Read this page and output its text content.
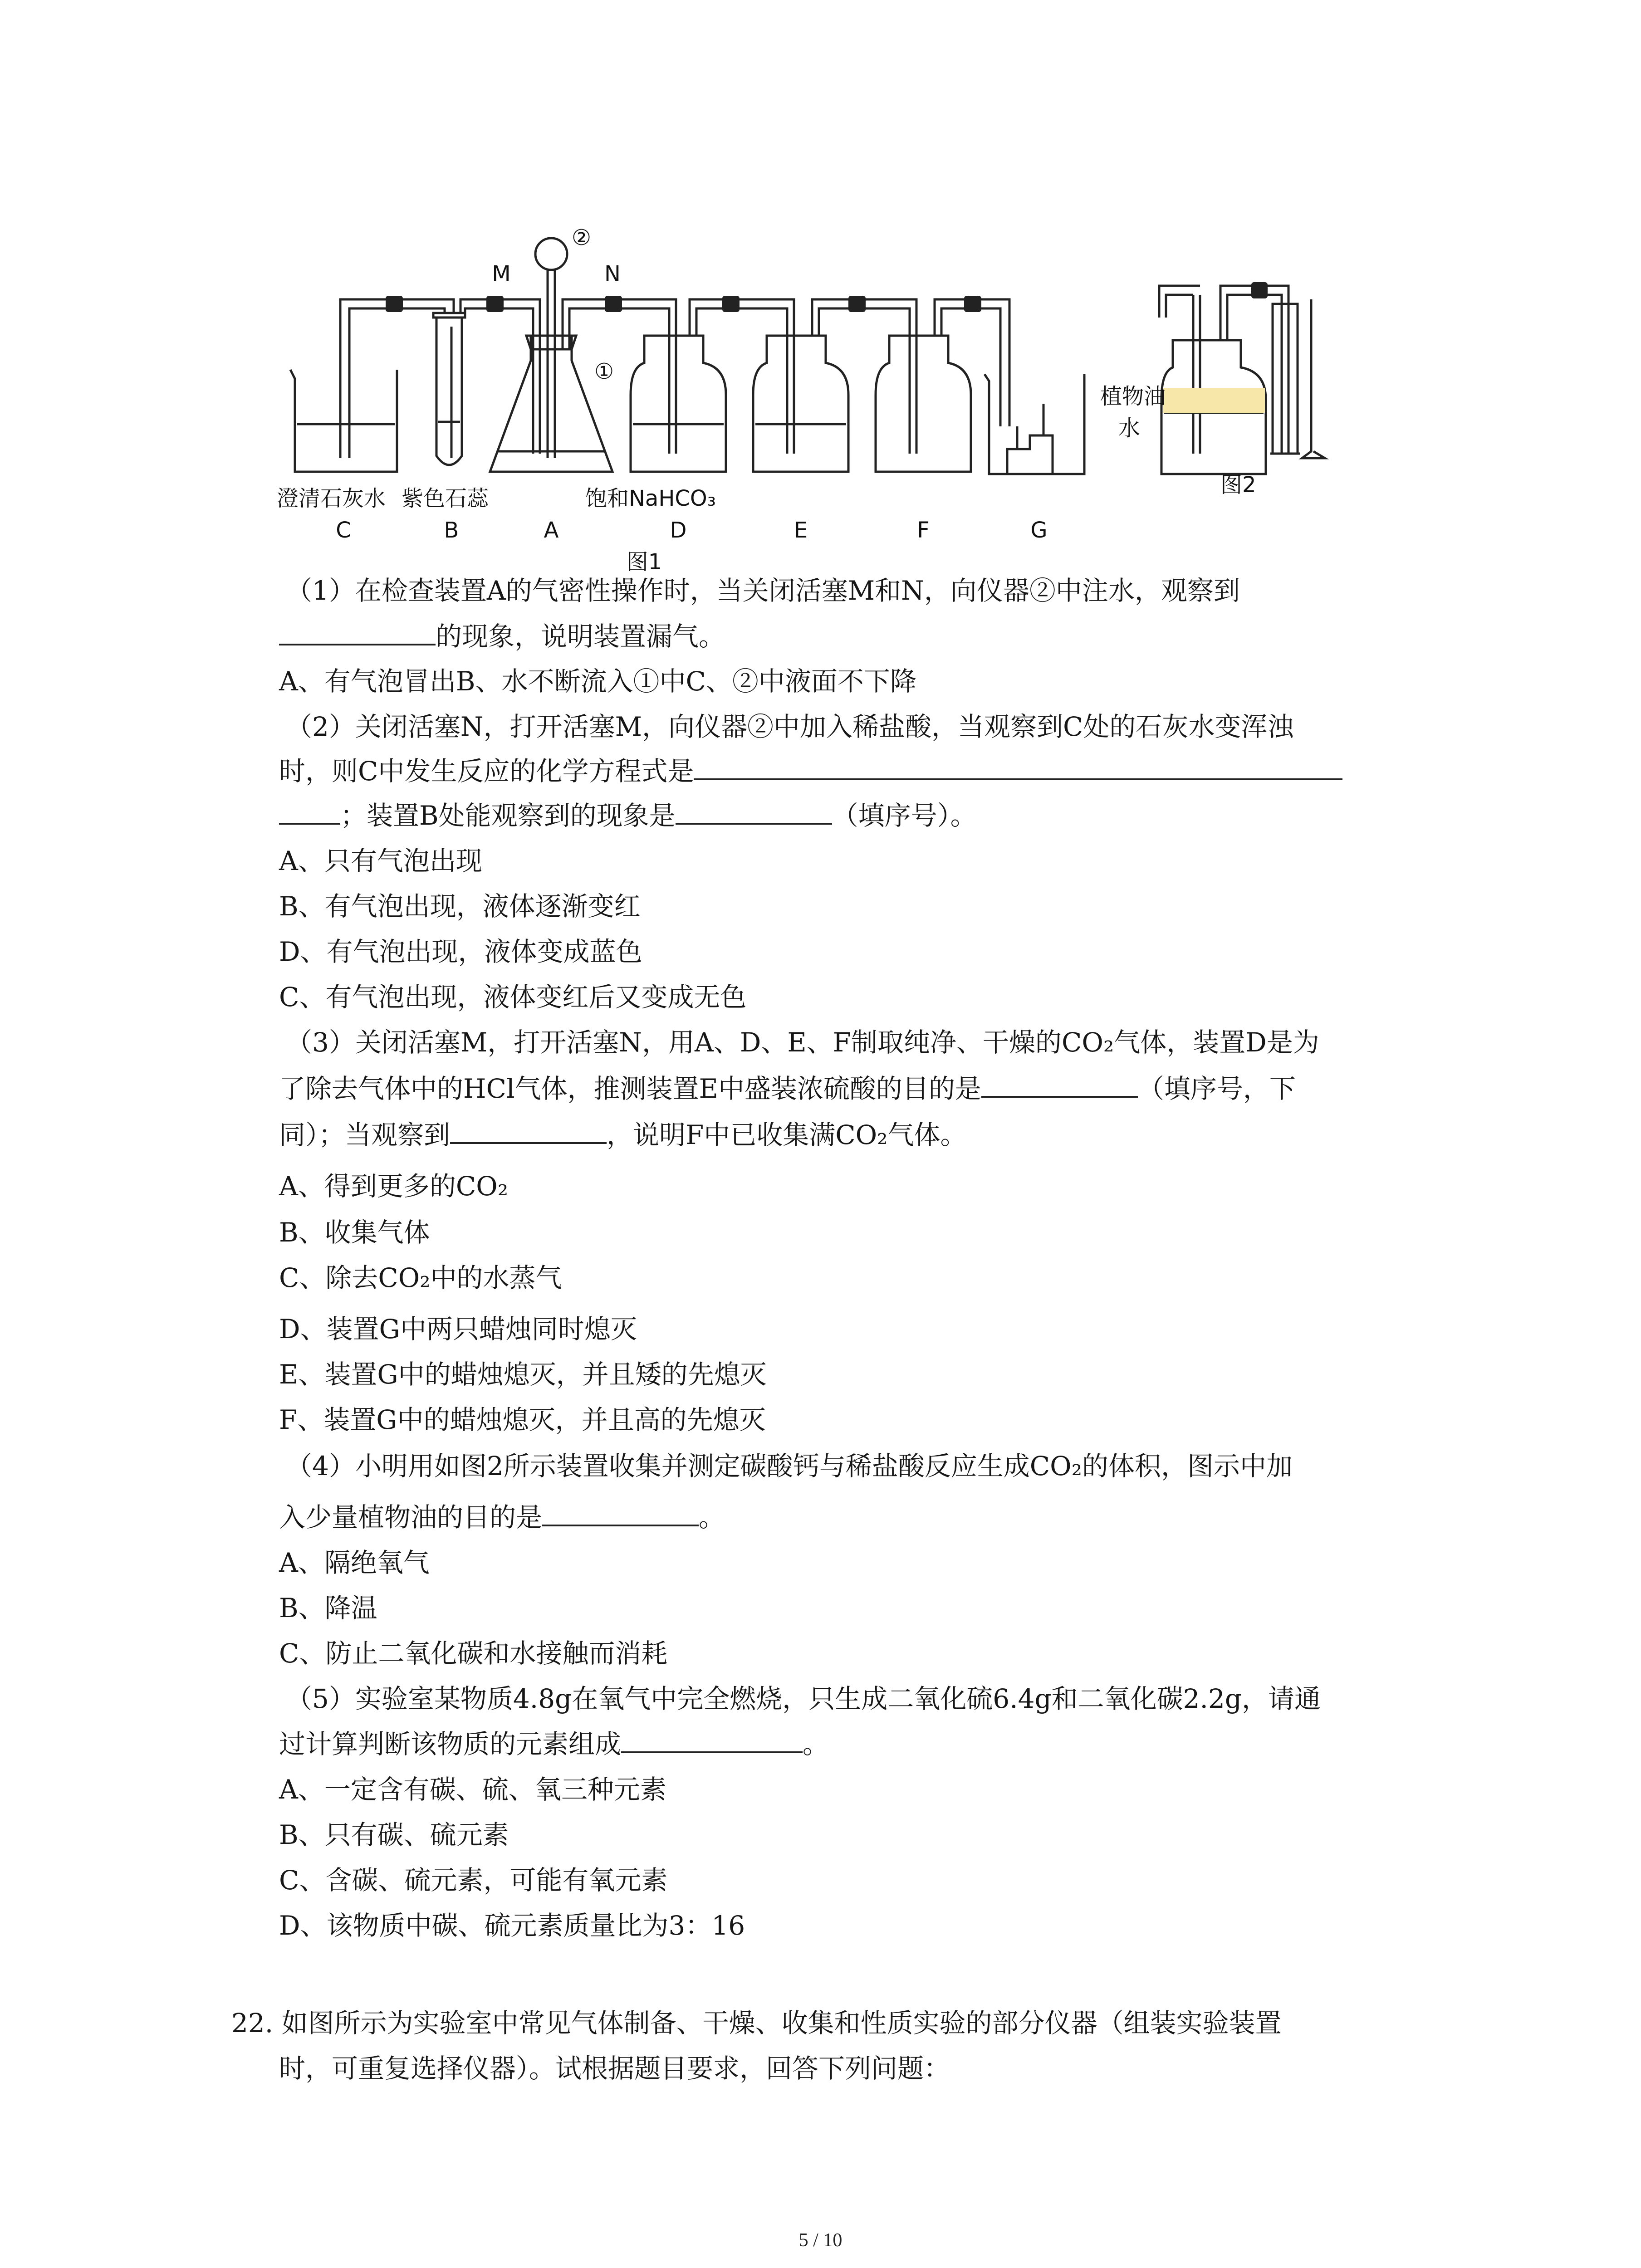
M	N
②
①
澄清石灰水 紫色石蕊	饱和NaHCO₃
植物油
水
图2
C	B	A	D	E	F	G
图1
（1）在检查装置A的气密性操作时，当关闭活塞M和N，向仪器②中注水，观察到
的现象，说明装置漏气。
A、有气泡冒出B、水不断流入①中C、②中液面不下降
（2）关闭活塞N，打开活塞M，向仪器②中加入稀盐酸，当观察到C处的石灰水变浑浊
时，则C中发生反应的化学方程式是
；装置B处能观察到的现象是	（填序号）。
A、只有气泡出现
B、有气泡出现，液体逐渐变红
D、有气泡出现，液体变成蓝色
C、有气泡出现，液体变红后又变成无色
（3）关闭活塞M，打开活塞N，用A、D、E、F制取纯净、干燥的CO₂气体，装置D是为
了除去气体中的HCl气体，推测装置E中盛装浓硫酸的目的是	（填序号，下
同）；当观察到	，说明F中已收集满CO₂气体。
A、得到更多的CO₂
B、收集气体
C、除去CO₂中的水蒸气
D、装置G中两只蜡烛同时熄灭
E、装置G中的蜡烛熄灭，并且矮的先熄灭
F、装置G中的蜡烛熄灭，并且高的先熄灭
（4）小明用如图2所示装置收集并测定碳酸钙与稀盐酸反应生成CO₂的体积，图示中加
入少量植物油的目的是	。
A、隔绝氧气
B、降温
C、防止二氧化碳和水接触而消耗
（5）实验室某物质4.8g在氧气中完全燃烧，只生成二氧化硫6.4g和二氧化碳2.2g，请通
过计算判断该物质的元素组成	。
A、一定含有碳、硫、氧三种元素
B、只有碳、硫元素
C、含碳、硫元素，可能有氧元素
D、该物质中碳、硫元素质量比为3：16
22. 如图所示为实验室中常见气体制备、干燥、收集和性质实验的部分仪器（组装实验装置
时，可重复选择仪器）。试根据题目要求，回答下列问题：
5 / 10
